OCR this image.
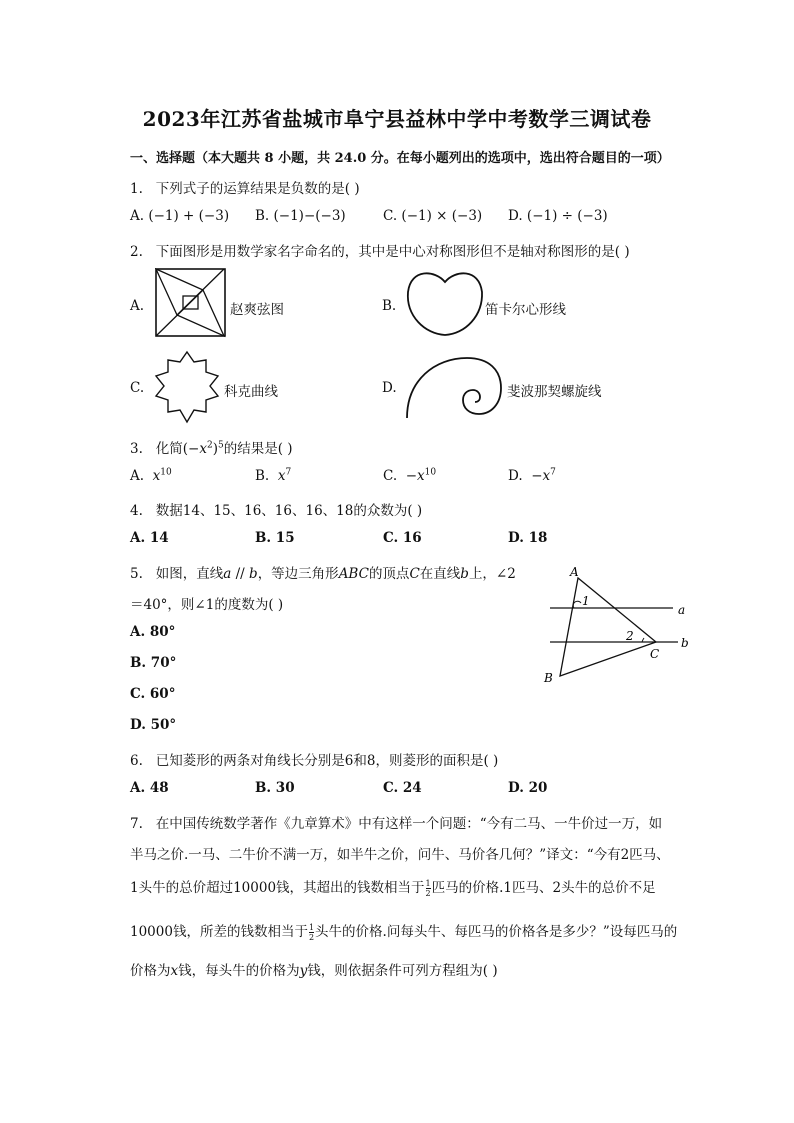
2023年江苏省盐城市阜宁县益林中学中考数学三调试卷
一、选择题（本大题共 8 小题，共 24.0 分。在每小题列出的选项中，选出符合题目的一项）
1. 下列式子的运算结果是负数的是( )
A. (−1) + (−3) B. (−1)−(−3)	C. (−1) × (−3) D. (−1) ÷ (−3)
2. 下面图形是用数学家名字命名的，其中是中心对称图形但不是轴对称图形的是( )
A.	赵爽弦图	B.	笛卡尔心形线
C.	科克曲线	D.	斐波那契螺旋线
3. 化简$(-x^2)^5$的结果是( )
A. $x^{10}$	B. $x^7$	C. $-x^{10}$	D. $-x^7$
4. 数据14、15、16、16、16、18的众数为( )
A. 14	B. 15	C. 16	D. 18
5. 如图，直线a // b，等边三角形ABC的顶点C在直线b上，∠2
＝40°，则∠1的度数为( )
A. 80°
B. 70°
C. 60°
D. 50°
A
B
C
a
b
1
2
6. 已知菱形的两条对角线长分别是6和8，则菱形的面积是( )
A. 48	B. 30	C. 24	D. 20
7. 在中国传统数学著作《九章算术》中有这样一个问题：“今有二马、一牛价过一万，如
半马之价.一马、二牛价不满一万，如半牛之价，问牛、马价各几何？”译文：“今有2匹马、
1头牛的总价超过10000钱，其超出的钱数相当于 $\frac{1}{2}$ 匹马的价格.1匹马、2头牛的总价不足
10000钱，所差的钱数相当于 $\frac{1}{2}$ 头牛的价格.问每头牛、每匹马的价格各是多少？”设每匹马的
价格为x钱，每头牛的价格为y钱，则依据条件可列方程组为( )
